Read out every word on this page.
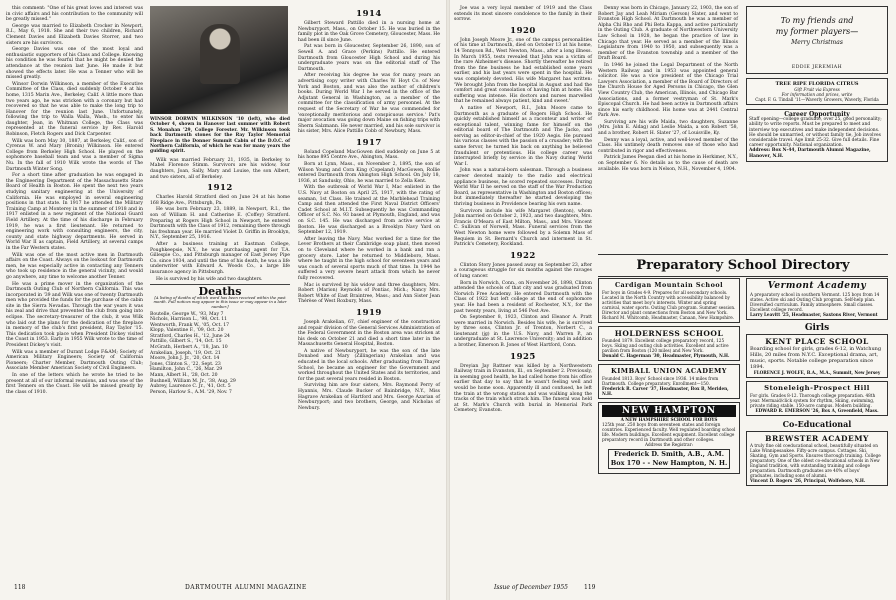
this comment: "One of his great loves and interest was in civic affairs and his contribution to the community will be greatly missed."

George was married to Elizabeth Crocker in Newport, R.I., May 6, 1918. She and their two children, Richard Clement Davies and Elizabeth Davies Storrer, and two sisters are his survivors.

George Davies was one of the most loyal and enthusiastic supporters of his Class and College. Knowing his condition he was fearful that he might be denied the attendance at the reunion last June. He made it but showed the effects later. He was a Tenner who will be missed greatly.

Winsor Dorwin Wilkinson, a member of the Executive Committee of the Class, died suddenly October 4 at his home, 1315 Marin Ave., Berkeley, Calif. A little more than two years ago, he was stricken with a coronary but had recovered so that he was able to make the long trip to Hanover for the reunion last June. Unfortunately, following the trip to Walla Walla, Wash., to enter his daughter, Jean, in Whitman College, the Class was represented at the funeral service by Rev. Harold Robinson, Fletch Rogers and Dick Carpenter.

Wilk was born May 30, 1887, at Berkeley, Calif., son of Cyrenus W. and Mary (Bronin) Wilkinson. He entered College from Berkeley High School. He played on the sophomore baseball team and was a member of Sigma Nu. In the fall of 1910 Wilk wrote the words of The Dartmouth Winter Song.

For a short time after graduation he was engaged in the Engineering Department of the Massachusetts State Board of Health in Boston. He spent the next two years studying sanitary engineering at the University of California. He was employed in several engineering positions in that state. In 1917 he attended the Military Training Camp at Monterey in the summer of 1918 and in 1917 enlisted in a new regiment of the National Guard Field Artillery. At the time of his discharge in February 1919, he was a first lieutenant. He returned to engineering work with consulting engineers, the city, county and state highway departments. He served in World War II as captain, Field Artillery, at several camps in the Far Western states.

Wilk was one of the most active men in Dartmouth affairs on the Coast. Always on the lookout for Dartmouth men, he was especially active in contacting any Tenners who took up residence in the general vicinity, and would go anywhere, any time to welcome another Tenner.

He was a prime mover in the organization of the Dartmouth Outing Club of Northern California. This was incorporated in '39 and Wilk was one of twenty Dartmouth men who provided the funds for the purchase of the cabin site in the Sierra Nevadas. Through the war years it was his zeal and drive that prevented the club from going into eclipse. The secretary-treasurer of the club, it was Wilk who laid out the plans for the dedication of the fireplace in memory of the club's first president, Ray Taylor '15. This dedication took place when President Dickey visited the Coast in 1953. Early in 1955 Wilk wrote to the time of President Dickey's visit.

Wilk was a member of Durant Lodge F&AM; Society of American Military Engineers; Society of California Pioneers; Charter Member, Dartmouth Outing Club; Associate Member American Society of Civil Engineers.

In one of the letters which he wrote he tried to be present at all of our informal reunions, and was one of the first Tenners on the Coast. He will be missed greatly by the class of 1910.

WINSOR DORWIN WILKINSON '10 (left), who died October 4, shown in Hanover last summer with Robert S. Monahan '29, College Forester. Mr. Wilkinson took back Dartmouth stones for the Ray Taylor Memorial Fireplace in the Donner Summit Cabin of the D.O.C. of Northern California, of which he was for many years the guiding spirit.

Wilk was married February 21, 1935, in Berkeley to Mabel Florence Stimm. Survivors are his widow, four daughters, Joan, Sally, Mary and Louise, the son Albert, and two sisters, all of Berkeley.

1912

Charles Harold Stratford died on June 24 at his home 168 Ridge Ave., Pittsburgh, Pa.

He was born February 23, 1889, in Newport, R.I., the son of William H. and Catherine E. (Coffey) Stratford. Preparing at Rogers High School in Newport, he entered Dartmouth with the Class of 1912, remaining there through his freshman year. He married Violet D. Griffin in Brooklyn, N.Y., September 25, 1916.

After a business training at Eastman College, Poughkeepsie, N.Y., he was purchasing agent for T.A. Gillespie Co., and Pittsburgh manager of East Jersey Pipe Co. since 1934, and until the time of his death, he was a life underwriter with Edward A. Woods Co., a large life insurance agency in Pittsburgh.

He is survived by his wife and two daughters.

Deaths
[A listing of deaths of which word has been received within the past month. Full notices may appear in this issue or may appear in a later number.]
Boutelle, George W., '93, May 7
Nichols, Harrison L., '98, Oct. 11
Wentworth, Frank W., '05, Oct. 17
Klopp, Valentine F., '09, Oct. 20
Stratford, Charles H., '12, June 24
Pattillo, Gilbert S., '14, Oct. 15
McGrath, Herbert A., '18, Jan. 10
Arakelian, Joseph, '19, Oct. 21
Moore, John J. Jr., '20, Oct. 14
Jones, Clinton S., '22, Sept. 23
Hamilton, John C., '26, Mar. 29
Mann, Albert H., '28, Oct. 20
Bushnell, William M. Jr., '38, Aug. 29
Aubrey, Laurence C. Jr., '41, Oct. 5
Person, Harlow S., A.M. '29, Nov. 7
1914

Gilbert Steward Pattillo died in a nursing home at Newburyport, Mass., on October 15. He was buried in the family plot in the Oak Grove Cemetery, Gloucester, Mass. He had been ill since June.

Pat was born in Gloucester, September 26, 1890, son of Sewell A. and Grace (Perkins) Pattillo. He entered Dartmouth from Gloucester High School and during his undergraduate years was on the editorial staff of The Dartmouth.

After receiving his degree he was for many years an advertising copy writer with Charles W. Hoyt Co. of New York and Boston, and was also the author of children's books. During World War I he served in the office of the Adjutant General in Washington, as a member of the committee for the classification of army personnel. At the request of the Secretary of War he was commended for 'exceptionally meritorious and conspicuous service.' Pat's major avocation was going down Maine on fishing trips with Sherm Salzmann. He never married, and his sole survivor is his sister, Mrs. Alice Pattillo Cobb of Newbury, Mass.

1917

Roland Copeland MacGowen died suddenly on June 5 at his home 895 Centre Ave., Abington, Mass.

Born at Lynn, Mass., on November 2, 1895, the son of Wilson Young and Cora King (Copeland) MacGowen, Rollie entered Dartmouth from Abington High School. On July 18, 1936, at Sandusky, Ohio, he was married to Zella Kent.

With the outbreak of World War I, Mac enlisted in the U.S. Navy at Boston on April 25, 1917, with the rating of seaman, 1st Class. He trained at the Marblehead Training Camp and then attended the First Naval District Officers' Cadet School at M.I.T. Subsequently he was Commanding Officer of S.C. No. 93 based at Plymouth, England, and was on S.C. 145. He was discharged from active service at Boston. He was discharged as a Brooklyn Navy Yard on September 12, 1919.

After leaving the Navy, Mac worked for a time for the Lever Brothers at their Cambridge soap plant, then moved on to Cleveland where he worked in a bank and ran a grocery store. Later he returned to Middleboro, Mass. where he taught in the high school for seventeen years and was coach of several sports much of that time. In 1944 he suffered a very severe heart attack from which he never fully recovered.

Mac is survived by his widow and three daughters, Mrs. Robert (Marion) Reynolds of Pontiac, Mich.; Nancy Mrs. Robert White of East Braintree, Mass.; and Ann Sister Jean Thérèse of West Roxbury, Mass.

1919

Joseph Arakelian, 67, chief engineer of the construction and repair division of the General Services Administration of the Federal Government in the Boston area was stricken at his desk on October 21 and died a short time later in the Massachusetts General Hospital, Boston.

A native of Newburyport, he was the son of the late Donabed and Mary (Zillingerian) Arakelian and was educated in the local schools. After graduating from Thayer School, he became an engineer for the Government and worked throughout the United States and its territories, and for the past several years resided in Boston.

Surviving him are four sisters, Mrs. Raymond Perry of Hyannis, Mrs. Claude Bucker of Bainbridge, N.Y., Miss Hagrave Arakelian of Hartford and Mrs. George Azarian of Newburyport; and two brothers, George, and Nicholas of Newbury.

118	DARTMOUTH ALUMNI MAGAZINE

Joe was a very loyal member of 1919 and the Class extends its most sincere condolence to the family in their sorrow.

1920

John Joseph Moore Jr., one of the campus personalities of his time at Dartmouth, died on October 13 at his home, 14 Tennyson Rd., West Newton, Mass., after a long illness. In March 1955, tests revealed that John was a victim of the rare Alzheimer's disease. Shortly thereafter he retired from the fine business he had established some years earlier, and his last years were spent in the hospital. He was completely devoted. His wife Margaret has written: 'We brought John from the hospital in August and had the comfort and great consolation of having him at home. His suffering was intense. His doctors and nurses marvelled that he remained always patient, kind and sweet.'

A native of Newport, R.I., John Moore came to Dartmouth as a graduate of Rogers High School. He quickly established himself as a raconteur and writer of exceptional talent, winning fame for himself on the editorial board of The Dartmouth and The Jacko, and serving as editor-in-chief of the 1920 Aegis. He pursued his various classes with the passion of a crusader; with the same fervor, he turned his back on anything he believed fraudulent or pretentious. His college career was interrupted briefly by service in the Navy during World War I.

John was a natural-born salesman. Through a business career devoted mainly to the radio and electrical appliance business, he scored repeated successes. During World War II he served on the staff of the War Production Board, as representative in Washington and Boston offices; but immediately thereafter he started developing the thriving business in Providence bearing his own name.

Survivors include his wife Margaret (Renton), whom John married on October 2, 1923, and two daughters, Mrs. Francis O'Meara of East Milton, Mass., and Mrs. Vincent C. Sullivan of Norwell, Mass. Funeral services from the West Newton home were followed by a Solemn Mass of Requiem in St. Bernard's Church and interment in St. Patrick's Cemetery, Rockland.

1922

Clinton Story Jones passed away on September 23, after a courageous struggle for six months against the ravages of lung cancer.

Born in Norwich, Conn., on November 26, 1898, Clinton attended the schools of that city and was graduated from Norwich Free Academy. He entered Dartmouth with the Class of 1922 but left college at the end of sophomore year. He had been a resident of Rochester, N.Y., for the past twenty years, living at 546 Post Ave.

On September 8, 1923, Clinton and Eleanor A. Pratt were married in Norwich. Besides his wife, he is survived by three sons, Clinton Jr. of Trenton, Norbert C., a lieutenant (jg) in the U.S. Navy, and Warren P., an undergraduate at St. Lawrence University; and in addition a brother, Emerson B. Jones of West Hartford, Conn.

1925

Dreyian Jay Rattner was killed by a Northwestern Railway train in Evanston, Ill., on September 2. Previously, in seeming good health, he had called home from his office earlier that day to say that he wasn't feeling well and would be home soon. Apparently ill and confused, he left the train at the wrong station and was walking along the tracks of the train which struck him. The funeral was held at St. Mark's Church with burial in Memorial Park Cemetery, Evanston.

Denny was born in Chicago, January 22, 1903, the son of Robert Jay and Leah Miriam (Gerson) Slater, and went to Evanston High School. At Dartmouth he was a member of Alpha Chi Rho and Phi Beta Kappa, and active particularly in the Outing Club. A graduate of Northwestern University Law School in 1928, he began the practice of law in Chicago that year. He served as a member of the Illinois Legislature from 1940 to 1950, and subsequently was a member of the Evanston township and a member of the Draft Board.

In 1946 he joined the Legal Department of the North Western Railway and in 1953 was appointed general solicitor. He was a vice president of the Chicago Trial Lawyers Association, a member of the Board of Directors of the Church House for Aged Persons in Chicago, the Glen View Country Club, the American, Illinois, and Chicago Bar Associations, and a former vestryman of St. Mark's Episcopal Church. He had been active in Dartmouth affairs since his early childhood. His home was at 2441 Central Park Ave.

Surviving are his wife Maida, two daughters, Suzanne (Mrs. John E. Aldag) and Leslie Maida, a son Robert '58, and a brother, Robert H. Slater '27, of Louisville, Ky.

Denny was a loyal, active, and well-loved member of the Class. His untimely death removes one of those who had contributed in rigor and effectiveness.

Patrick James Peegan died at his home in Herkimer, N.Y., on September 6. No details as to the cause of death are available. He was born in Nelson, N.H., November 4, 1904.

To my friends and
my former players—
Merry Christmas
EDDIE JEREMIAH
TREE RIPE FLORIDA CITRUS
Gift Fruit via Express
For information and prices, write
Capt. F. G. Tindall '11—Waverly Growers, Waverly, Florida
Career Opportunity
Staff opening—college graduate, over 25, good personality; ability to write reports. Must be prepared to meet and interview top executives and make independent decisions. He should be unmarried, or without family tie, Job involves considerable travel. Age limit 25-32. Give full details. Fine career opportunity. National organization.
Address: Box N-44, Dartmouth Alumni Magazine, Hanover, N.H.
Preparatory School Directory
Cardigan Mountain School
For boys in Grades 4-9. Prepares for all secondary schools. Located in the North Country with accessibility balanced by activities that meet boy's interests. Winter and spring carnival, water sports. Outing Club program. Summer session. Director and plant connections from Boston and New York. Richard M. Whitcomb, Headmaster, Canaan, New Hampshire.
HOLDERNESS SCHOOL
Founded 1879. Excellent college preparatory record, 125 boys. Skiing and outing club activities. Excellent and active pavilion from Boston (120 miles) and New York.
Donald C. Hagerman '30, Headmaster, Plymouth, N.H.
KIMBALL UNION ACADEMY
Founded 1813. Boys' School since 1936. 14 miles from Dartmouth. College preparatory. Enrollment—150.
Frederick R. Carver '37, Headmaster, Box B, Meriden, N.H.
NEW HAMPTON
A NEW HAMPSHIRE SCHOOL FOR BOYS
125th year. 250 boys from seventeen states and foreign countries. Experienced faculty. Well regulated boarding school life. Modern buildings. Excellent equipment. Excellent college preparatory record in Dartmouth and other colleges.
Address the Registrar:
Frederick D. Smith, A.B., A.M.
Box 170 - - New Hampton, N. H.
Vermont Academy
A preparatory school in southern Vermont. 125 boys from 14 states. Active ski and Outing Club program. Self-help plan. Diversified curriculum. Family atmosphere. Small classes. Excellent college record.
Larry Leavitt '25, Headmaster, Saxtons River, Vermont
Girls
KENT PLACE SCHOOL
Boarding school for girls, grades 6-12, in Watchung Hills, 20 miles from N.Y.C. Exceptional drama, art, music, sports. Notable college preparation since 1894.
FLORENCE J. WOLFE, B.A., M.A., Summit, New Jersey
Stoneleigh-Prospect Hill
For girls. Grades 8-12. Thorough college preparation. 48th year. Mermaid/click system for rhythm, Skiing, swimming, private riding stable. 150-acre campus. Modern building.
EDWARD R. EMERSON '26, Box A, Greenfield, Mass.
Co-Educational
BREWSTER ACADEMY
A truly fine old coeducational school, beautifully situated on Lake Winnipesaukee. Fifty-acre campus. Cottages. Ski, Skating, Gym and Sports. Ensures thorough training. College preparatory. One of the oldest co-educational schools in New England tradition, with outstanding training and college preparation. Dartmouth graduates are 40% of boys' graduates, including sons of alumni.
Vincent D. Rogers '26, Principal, Wolfeboro, N.H.
Issue of December 1955	119
